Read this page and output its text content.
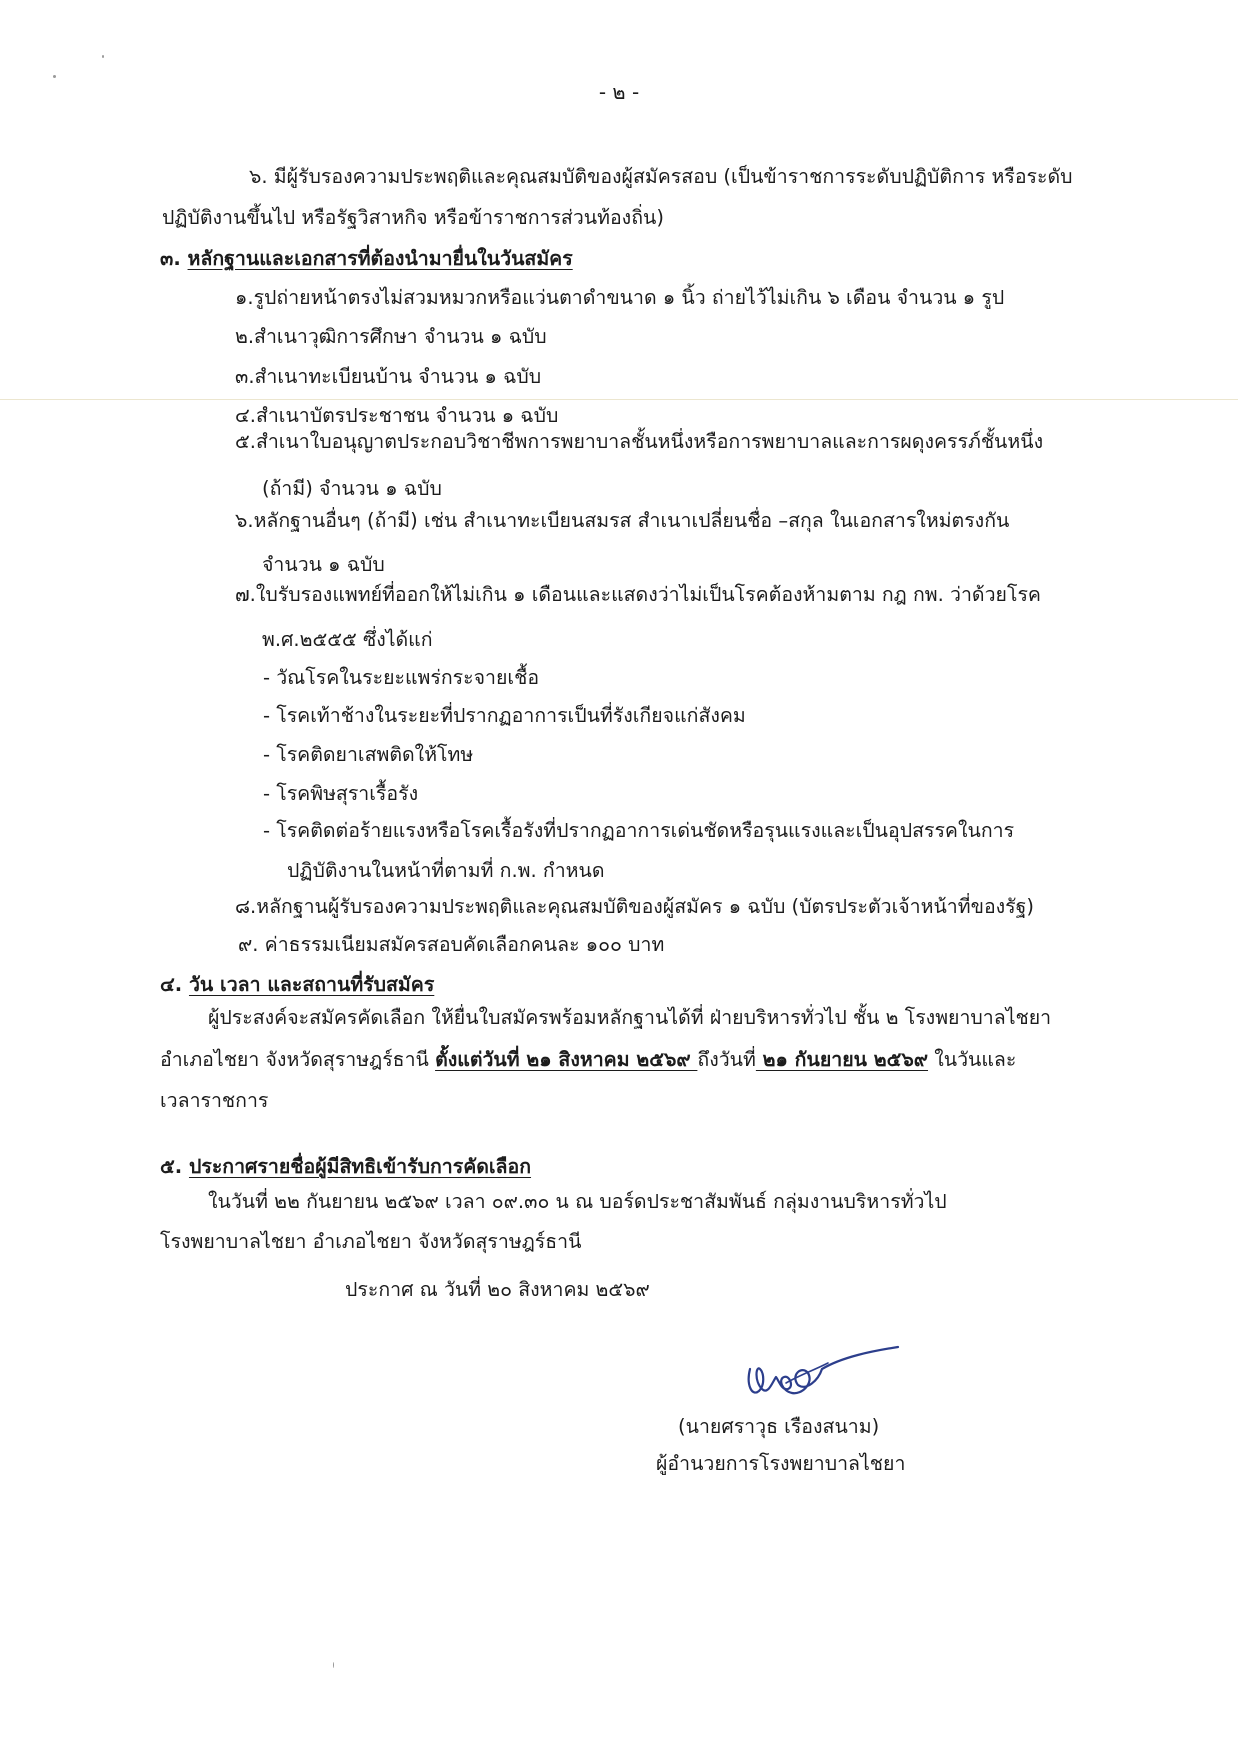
- ๒ -
๖. มีผู้รับรองความประพฤติและคุณสมบัติของผู้สมัครสอบ (เป็นข้าราชการระดับปฏิบัติการ หรือระดับ
ปฏิบัติงานขึ้นไป หรือรัฐวิสาหกิจ หรือข้าราชการส่วนท้องถิ่น)
๓. หลักฐานและเอกสารที่ต้องนำมายื่นในวันสมัคร
๑.รูปถ่ายหน้าตรงไม่สวมหมวกหรือแว่นตาดำขนาด ๑ นิ้ว ถ่ายไว้ไม่เกิน ๖ เดือน จำนวน ๑ รูป
๒.สำเนาวุฒิการศึกษา จำนวน ๑ ฉบับ
๓.สำเนาทะเบียนบ้าน จำนวน ๑ ฉบับ
๔.สำเนาบัตรประชาชน จำนวน ๑ ฉบับ
๕.สำเนาใบอนุญาตประกอบวิชาชีพการพยาบาลชั้นหนึ่งหรือการพยาบาลและการผดุงครรภ์ชั้นหนึ่ง
(ถ้ามี) จำนวน ๑ ฉบับ
๖.หลักฐานอื่นๆ (ถ้ามี) เช่น สำเนาทะเบียนสมรส สำเนาเปลี่ยนชื่อ –สกุล ในเอกสารใหม่ตรงกัน
จำนวน ๑ ฉบับ
๗.ใบรับรองแพทย์ที่ออกให้ไม่เกิน ๑ เดือนและแสดงว่าไม่เป็นโรคต้องห้ามตาม กฎ กพ. ว่าด้วยโรค
พ.ศ.๒๕๕๕ ซึ่งได้แก่
- วัณโรคในระยะแพร่กระจายเชื้อ
- โรคเท้าช้างในระยะที่ปรากฏอาการเป็นที่รังเกียจแก่สังคม
- โรคติดยาเสพติดให้โทษ
- โรคพิษสุราเรื้อรัง
- โรคติดต่อร้ายแรงหรือโรคเรื้อรังที่ปรากฏอาการเด่นชัดหรือรุนแรงและเป็นอุปสรรคในการ
ปฏิบัติงานในหน้าที่ตามที่ ก.พ. กำหนด
๘.หลักฐานผู้รับรองความประพฤติและคุณสมบัติของผู้สมัคร ๑ ฉบับ (บัตรประตัวเจ้าหน้าที่ของรัฐ)
๙. ค่าธรรมเนียมสมัครสอบคัดเลือกคนละ ๑๐๐ บาท
๔. วัน เวลา และสถานที่รับสมัคร
ผู้ประสงค์จะสมัครคัดเลือก ให้ยื่นใบสมัครพร้อมหลักฐานได้ที่ ฝ่ายบริหารทั่วไป ชั้น ๒ โรงพยาบาลไชยา
อำเภอไชยา จังหวัดสุราษฎร์ธานี ตั้งแต่วันที่ ๒๑ สิงหาคม ๒๕๖๙ ถึงวันที่ ๒๑ กันยายน ๒๕๖๙ ในวันและ
เวลาราชการ
๕. ประกาศรายชื่อผู้มีสิทธิเข้ารับการคัดเลือก
ในวันที่ ๒๒ กันยายน ๒๕๖๙ เวลา ๐๙.๓๐ น ณ บอร์ดประชาสัมพันธ์ กลุ่มงานบริหารทั่วไป
โรงพยาบาลไชยา อำเภอไชยา จังหวัดสุราษฎร์ธานี
ประกาศ ณ วันที่ ๒๐ สิงหาคม ๒๕๖๙
(นายศราวุธ เรืองสนาม)
ผู้อำนวยการโรงพยาบาลไชยา
